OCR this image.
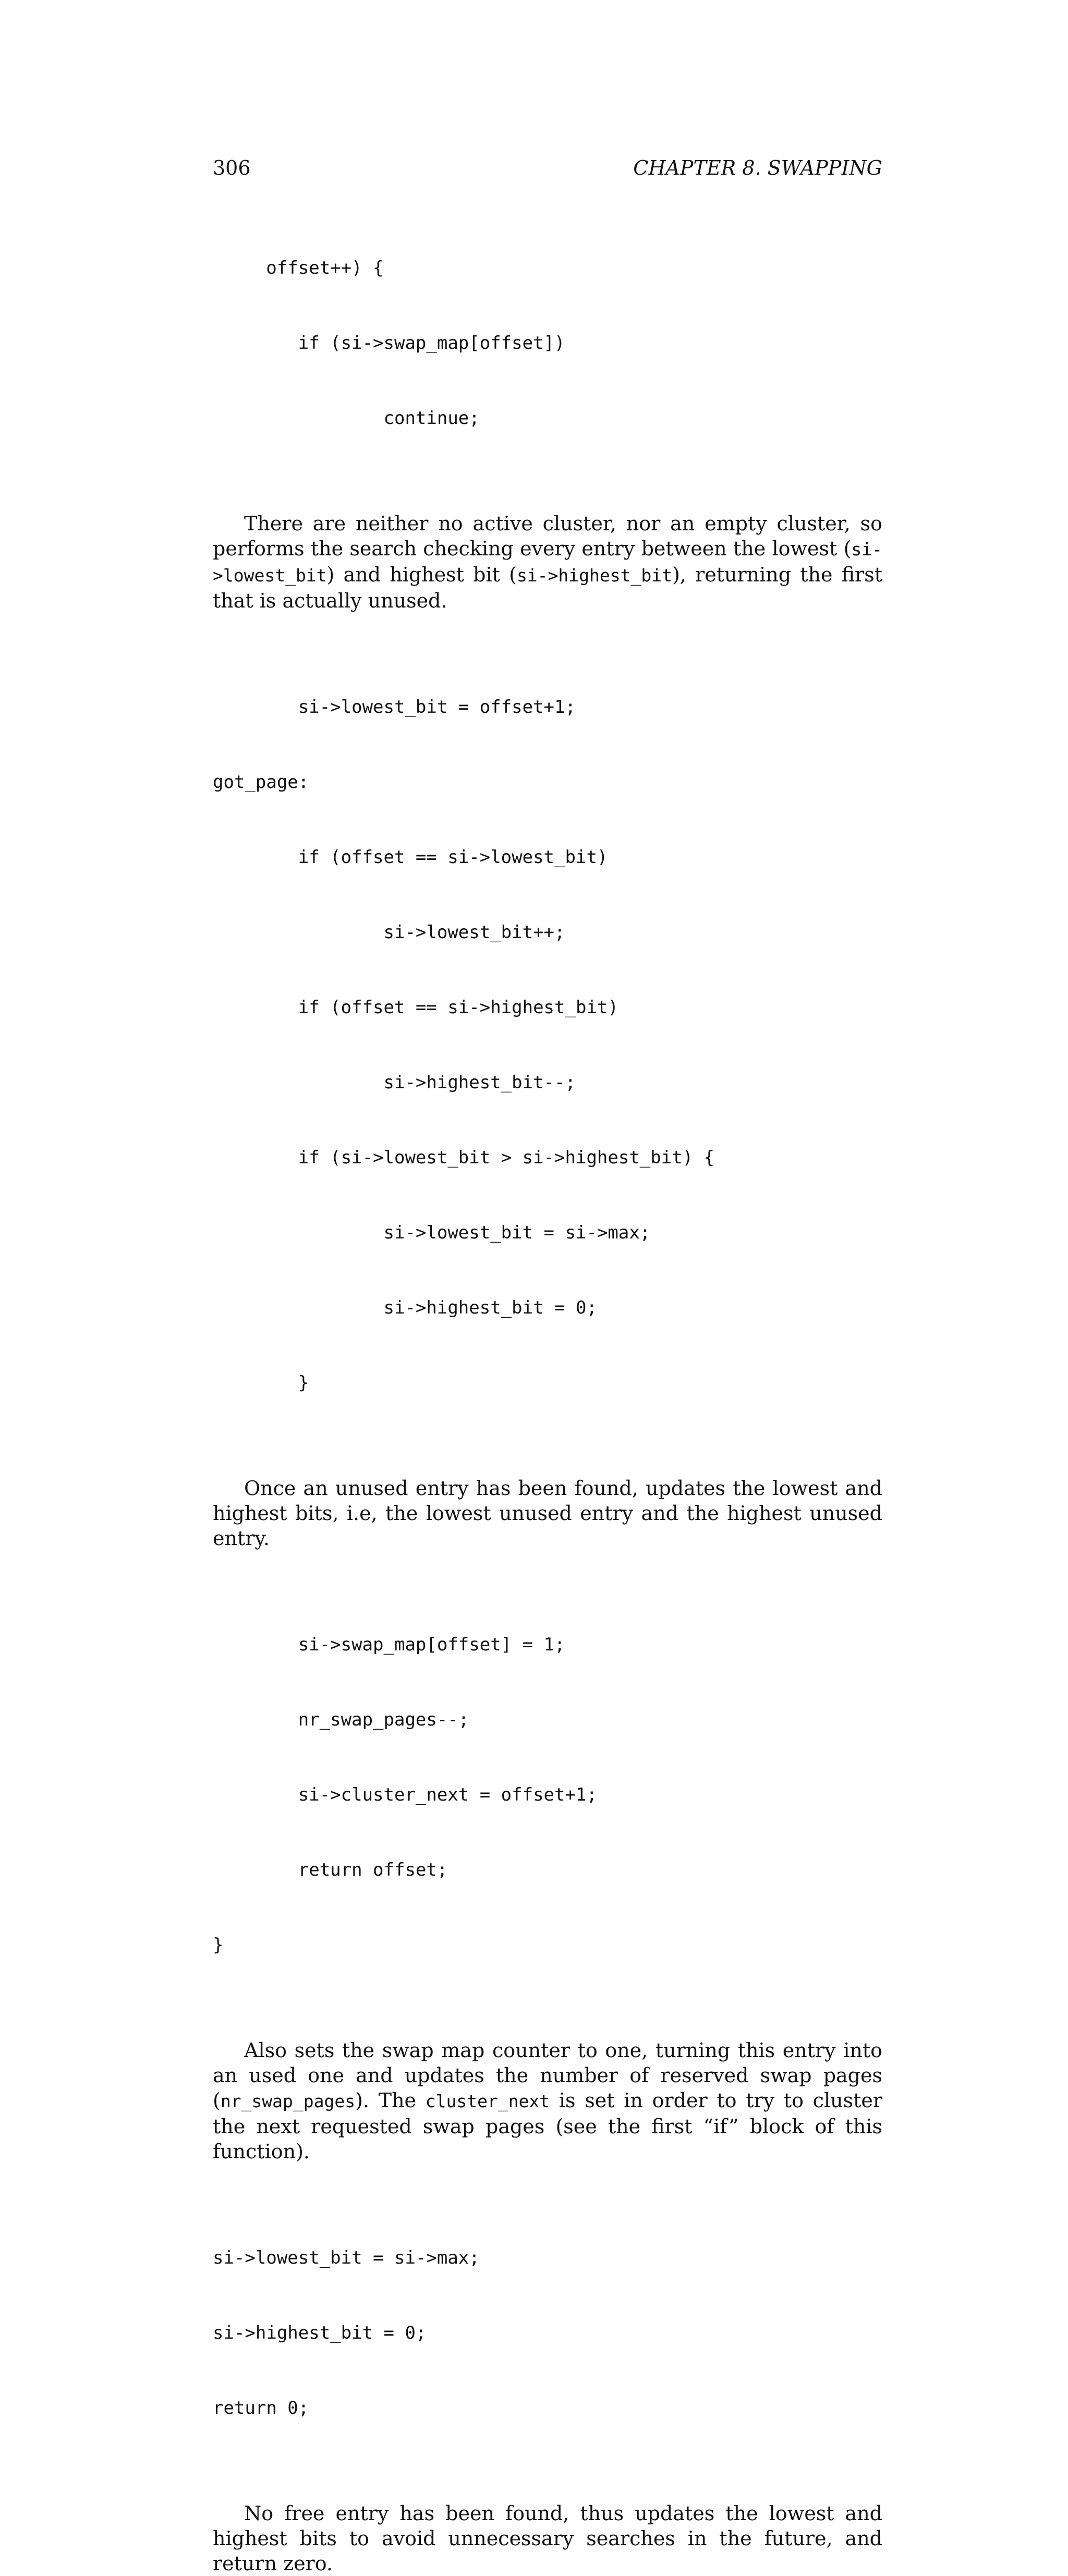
306	CHAPTER 8. SWAPPING

offset++) {

if (si->swap_map[offset])

continue;

There are neither no active cluster, nor an empty cluster, so performs the search checking every entry between the lowest (si->lowest_bit) and highest bit (si->highest_bit), returning the first that is actually unused.

si->lowest_bit = offset+1;

got_page:

if (offset == si->lowest_bit)

si->lowest_bit++;

if (offset == si->highest_bit)

si->highest_bit--;

if (si->lowest_bit > si->highest_bit) {

si->lowest_bit = si->max;

si->highest_bit = 0;

}

Once an unused entry has been found, updates the lowest and highest bits, i.e, the lowest unused entry and the highest unused entry.

si->swap_map[offset] = 1;

nr_swap_pages--;

si->cluster_next = offset+1;

return offset;

}

Also sets the swap map counter to one, turning this entry into an used one and updates the number of reserved swap pages (nr_swap_pages). The cluster_next is set in order to try to cluster the next requested swap pages (see the first “if” block of this function).

si->lowest_bit = si->max;

si->highest_bit = 0;

return 0;

No free entry has been found, thus updates the lowest and highest bits to avoid unnecessary searches in the future, and return zero.
